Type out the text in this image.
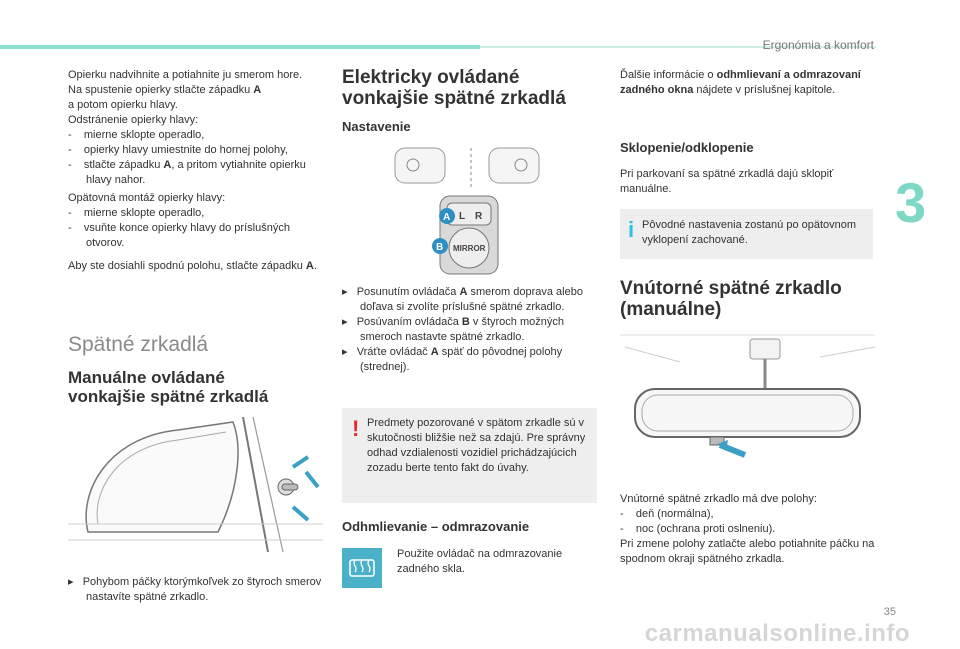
Ergonómia a komfort
3

Opierku nadvihnite a potiahnite ju smerom hore.
Na spustenie opierky stlačte západku A
a potom opierku hlavy.
Odstránenie opierky hlavy:

-    mierne sklopte operadlo,

-    opierky hlavy umiestnite do hornej polohy,

-    stlačte západku A, a pritom vytiahnite opierku hlavy nahor.

Opätovná montáž opierky hlavy:

-    mierne sklopte operadlo,

-    vsuňte konce opierky hlavy do príslušných otvorov.

Aby ste dosiahli spodnú polohu, stlačte západku A.

Spätné zrkadlá
Manuálne ovládané
vonkajšie spätné zrkadlá

▸ Pohybom páčky ktorýmkoľvek zo štyroch smerov nastavíte spätné zrkadlo.

Elektricky ovládané
vonkajšie spätné zrkadlá
Nastavenie
L R
MIRROR
A
B

▸ Posunutím ovládača A smerom doprava alebo doľava si zvolíte príslušné spätné zrkadlo.

▸ Posúvaním ovládača B v štyroch možných smeroch nastavte spätné zrkadlo.

▸ Vráťte ovládač A späť do pôvodnej polohy (strednej).

! Predmety pozorované v spätom zrkadle sú v skutočnosti bližšie než sa zdajú. Pre správny odhad vzdialenosti vozidiel prichádzajúcich zozadu berte tento fakt do úvahy.
Odhmlievanie – odmrazovanie
Použite ovládač na odmrazovanie zadného skla.
Ďalšie informácie o odhmlievaní a odmrazovaní zadného okna nájdete v príslušnej kapitole.
Sklopenie/odklopenie
Pri parkovaní sa spätné zrkadlá dajú sklopiť manuálne.
i Pôvodné nastavenia zostanú po opätovnom vyklopení zachované.
Vnútorné spätné zrkadlo
(manuálne)

Vnútorné spätné zrkadlo má dve polohy:

-    deň (normálna),

-    noc (ochrana proti oslneniu).

Pri zmene polohy zatlačte alebo potiahnite páčku na spodnom okraji spätného zrkadla.

35
carmanualsonline.info
